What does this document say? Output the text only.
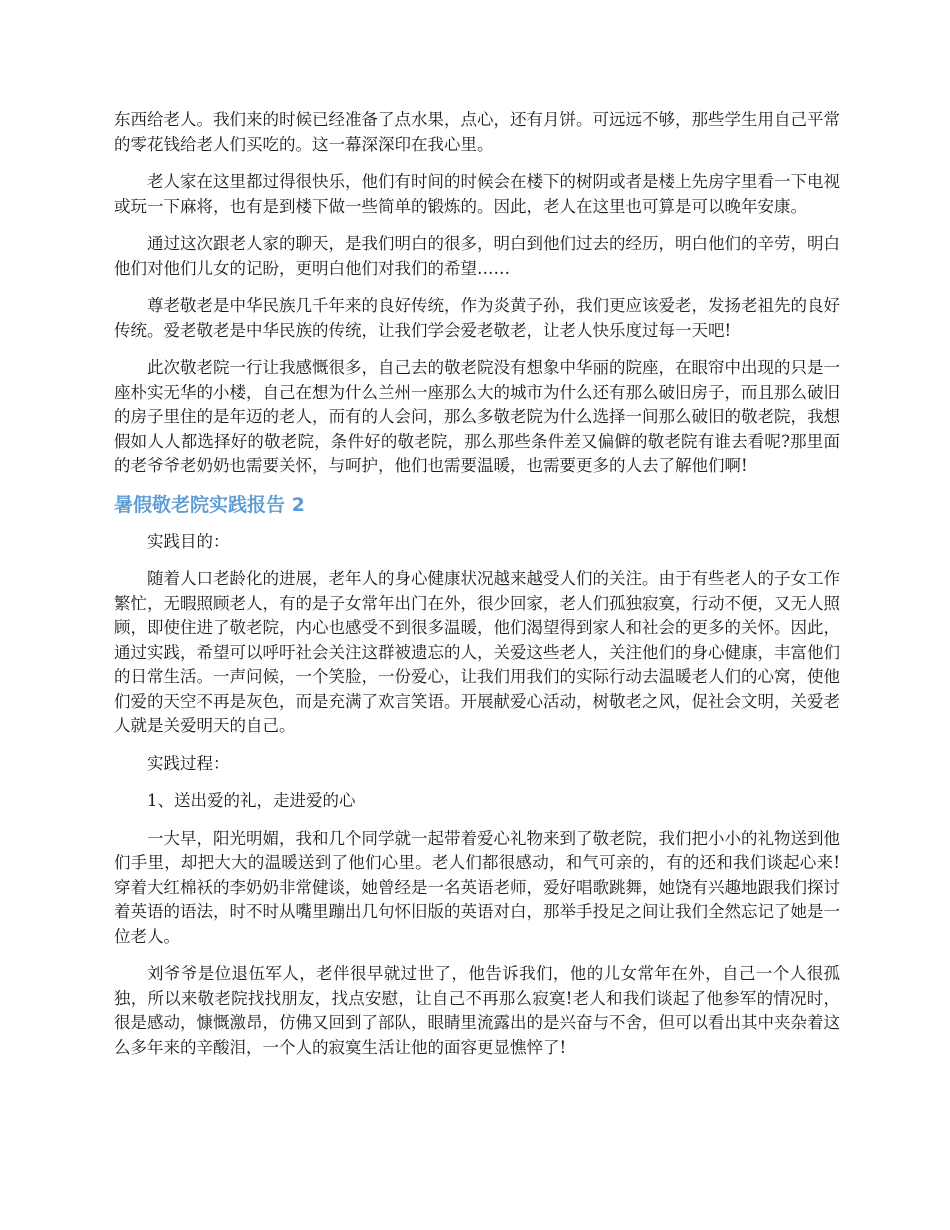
东西给老人。我们来的时候已经准备了点水果，点心，还有月饼。可远远不够，那些学生用自己平常的零花钱给老人们买吃的。这一幕深深印在我心里。

老人家在这里都过得很快乐，他们有时间的时候会在楼下的树阴或者是楼上先房字里看一下电视或玩一下麻将，也有是到楼下做一些简单的锻炼的。因此，老人在这里也可算是可以晚年安康。

通过这次跟老人家的聊天，是我们明白的很多，明白到他们过去的经历，明白他们的辛劳，明白他们对他们儿女的记盼，更明白他们对我们的希望……

尊老敬老是中华民族几千年来的良好传统，作为炎黄子孙，我们更应该爱老，发扬老祖先的良好传统。爱老敬老是中华民族的传统，让我们学会爱老敬老，让老人快乐度过每一天吧!

此次敬老院一行让我感慨很多，自己去的敬老院没有想象中华丽的院座，在眼帘中出现的只是一座朴实无华的小楼，自己在想为什么兰州一座那么大的城市为什么还有那么破旧房子，而且那么破旧的房子里住的是年迈的老人，而有的人会问，那么多敬老院为什么选择一间那么破旧的敬老院，我想假如人人都选择好的敬老院，条件好的敬老院，那么那些条件差又偏僻的敬老院有谁去看呢?那里面的老爷爷老奶奶也需要关怀，与呵护，他们也需要温暖，也需要更多的人去了解他们啊!

暑假敬老院实践报告 2

实践目的：

随着人口老龄化的进展，老年人的身心健康状况越来越受人们的关注。由于有些老人的子女工作繁忙，无暇照顾老人，有的是子女常年出门在外，很少回家，老人们孤独寂寞，行动不便，又无人照顾，即使住进了敬老院，内心也感受不到很多温暖，他们渴望得到家人和社会的更多的关怀。因此，通过实践，希望可以呼吁社会关注这群被遗忘的人，关爱这些老人，关注他们的身心健康，丰富他们的日常生活。一声问候，一个笑脸，一份爱心，让我们用我们的实际行动去温暖老人们的心窝，使他们爱的天空不再是灰色，而是充满了欢言笑语。开展献爱心活动，树敬老之风，促社会文明，关爱老人就是关爱明天的自己。

实践过程：

1、送出爱的礼，走进爱的心

一大早，阳光明媚，我和几个同学就一起带着爱心礼物来到了敬老院，我们把小小的礼物送到他们手里，却把大大的温暖送到了他们心里。老人们都很感动，和气可亲的，有的还和我们谈起心来!穿着大红棉袄的李奶奶非常健谈，她曾经是一名英语老师，爱好唱歌跳舞，她饶有兴趣地跟我们探讨着英语的语法，时不时从嘴里蹦出几句怀旧版的英语对白，那举手投足之间让我们全然忘记了她是一位老人。

刘爷爷是位退伍军人，老伴很早就过世了，他告诉我们，他的儿女常年在外，自己一个人很孤独，所以来敬老院找找朋友，找点安慰，让自己不再那么寂寞!老人和我们谈起了他参军的情况时，很是感动，慷慨激昂，仿佛又回到了部队，眼睛里流露出的是兴奋与不舍，但可以看出其中夹杂着这么多年来的辛酸泪，一个人的寂寞生活让他的面容更显憔悴了!
